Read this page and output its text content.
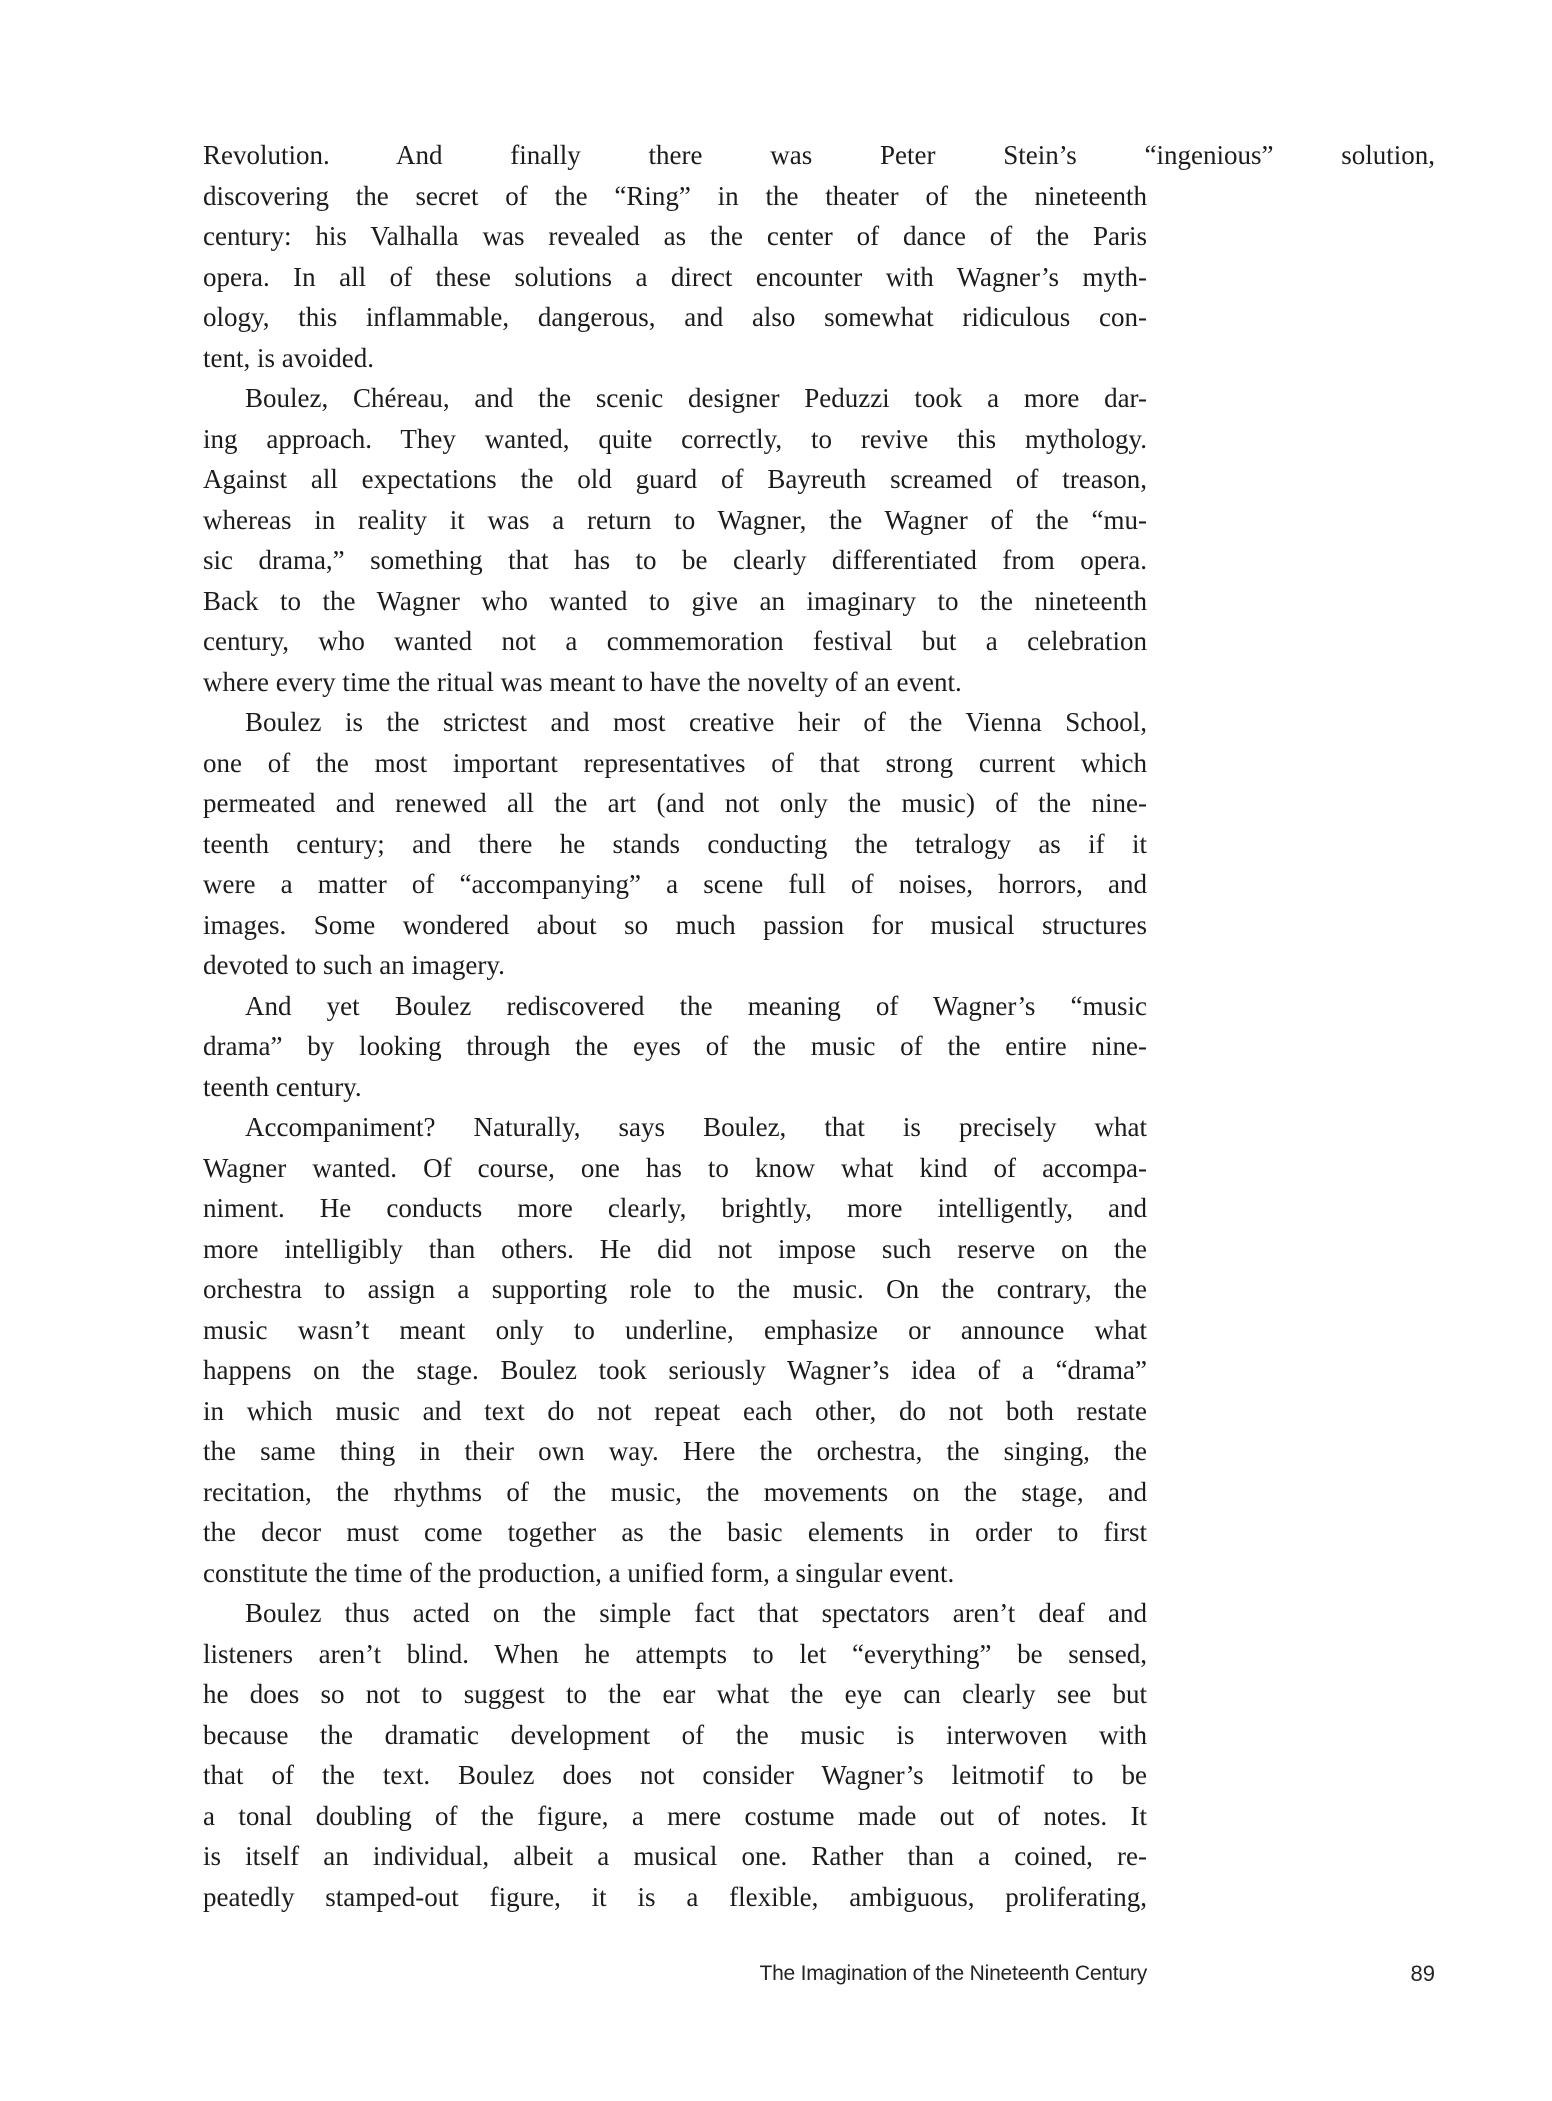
Revolution. And finally there was Peter Stein’s “ingenious” solution,
discovering the secret of the “Ring” in the theater of the nineteenth
century: his Valhalla was revealed as the center of dance of the Paris
opera. In all of these solutions a direct encounter with Wagner’s myth-
ology, this inflammable, dangerous, and also somewhat ridiculous con-
tent, is avoided.
Boulez, Chéreau, and the scenic designer Peduzzi took a more dar-
ing approach. They wanted, quite correctly, to revive this mythology.
Against all expectations the old guard of Bayreuth screamed of treason,
whereas in reality it was a return to Wagner, the Wagner of the “mu-
sic drama,” something that has to be clearly differentiated from opera.
Back to the Wagner who wanted to give an imaginary to the nineteenth
century, who wanted not a commemoration festival but a celebration
where every time the ritual was meant to have the novelty of an event.
Boulez is the strictest and most creative heir of the Vienna School,
one of the most important representatives of that strong current which
permeated and renewed all the art (and not only the music) of the nine-
teenth century; and there he stands conducting the tetralogy as if it
were a matter of “accompanying” a scene full of noises, horrors, and
images. Some wondered about so much passion for musical structures
devoted to such an imagery.
And yet Boulez rediscovered the meaning of Wagner’s “music
drama” by looking through the eyes of the music of the entire nine-
teenth century.
Accompaniment? Naturally, says Boulez, that is precisely what
Wagner wanted. Of course, one has to know what kind of accompa-
niment. He conducts more clearly, brightly, more intelligently, and
more intelligibly than others. He did not impose such reserve on the
orchestra to assign a supporting role to the music. On the contrary, the
music wasn’t meant only to underline, emphasize or announce what
happens on the stage. Boulez took seriously Wagner’s idea of a “drama”
in which music and text do not repeat each other, do not both restate
the same thing in their own way. Here the orchestra, the singing, the
recitation, the rhythms of the music, the movements on the stage, and
the decor must come together as the basic elements in order to first
constitute the time of the production, a unified form, a singular event.
Boulez thus acted on the simple fact that spectators aren’t deaf and
listeners aren’t blind. When he attempts to let “everything” be sensed,
he does so not to suggest to the ear what the eye can clearly see but
because the dramatic development of the music is interwoven with
that of the text. Boulez does not consider Wagner’s leitmotif to be
a tonal doubling of the figure, a mere costume made out of notes. It
is itself an individual, albeit a musical one. Rather than a coined, re-
peatedly stamped-out figure, it is a flexible, ambiguous, proliferating,
The Imagination of the Nineteenth Century	89
